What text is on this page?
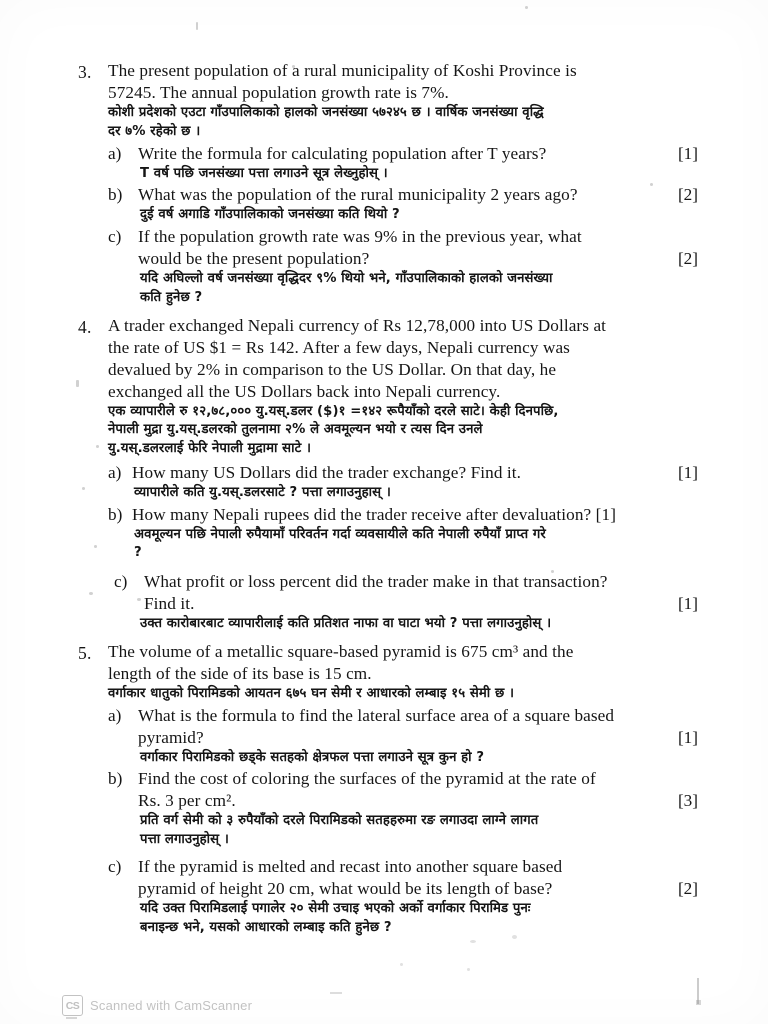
3. The present population of a rural municipality of Koshi Province is
57245. The annual population growth rate is 7%.
कोशी प्रदेशको एउटा गाँउपालिकाको हालको जनसंख्या ५७२४५ छ । वार्षिक जनसंख्या वृद्धि
दर ७% रहेको छ ।
a) Write the formula for calculating population after T years?	[1]
T वर्ष पछि जनसंख्या पत्ता लगाउने सूत्र लेख्नुहोस् ।
b) What was the population of the rural municipality 2 years ago?	[2]
दुई वर्ष अगाडि गाँउपालिकाको जनसंख्या कति थियो ?
c) If the population growth rate was 9% in the previous year, what
would be the present population?	[2]
यदि अघिल्लो वर्ष जनसंख्या वृद्धिदर ९% थियो भने, गाँउपालिकाको हालको जनसंख्या
कति हुनेछ ?
4. A trader exchanged Nepali currency of Rs 12,78,000 into US Dollars at
the rate of US $1 = Rs 142. After a few days, Nepali currency was
devalued by 2% in comparison to the US Dollar. On that day, he
exchanged all the US Dollars back into Nepali currency.
एक व्यापारीले रु १२,७८,००० यु.यस्.डलर ($)१ =१४२ रूपैयाँको दरले साटे। केही दिनपछि,
नेपाली मुद्रा यु.यस्.डलरको तुलनामा २% ले अवमूल्यन भयो र त्यस दिन उनले
यु.यस्.डलरलाई फेरि नेपाली मुद्रामा साटे ।
a) How many US Dollars did the trader exchange? Find it.	[1]
व्यापारीले कति यु.यस्.डलरसाटे ? पत्ता लगाउनुहास् ।
b) How many Nepali rupees did the trader receive after devaluation? [1]
अवमूल्यन पछि नेपाली रुपैयामाँ परिवर्तन गर्दा व्यवसायीले कति नेपाली रुपैयाँ प्राप्त गरे
?
c) What profit or loss percent did the trader make in that transaction?
Find it.	[1]
उक्त कारोबारबाट व्यापारीलाई कति प्रतिशत नाफा वा घाटा भयो ? पत्ता लगाउनुहोस् ।
5. The volume of a metallic square-based pyramid is 675 cm³ and the
length of the side of its base is 15 cm.
वर्गाकार धातुको पिरामिडको आयतन ६७५ घन सेमी र आधारको लम्बाइ १५ सेमी छ ।
a) What is the formula to find the lateral surface area of a square based
pyramid?	[1]
वर्गाकार पिरामिडको छड्के सतहको क्षेत्रफल पत्ता लगाउने सूत्र कुन हो ?
b) Find the cost of coloring the surfaces of the pyramid at the rate of
Rs. 3 per cm².	[3]
प्रति वर्ग सेमी को ३ रुपैयाँको दरले पिरामिडको सतहहरुमा रङ लगाउदा लाग्ने लागत
पत्ता लगाउनुहोस् ।
c) If the pyramid is melted and recast into another square based
pyramid of height 20 cm, what would be its length of base?	[2]
यदि उक्त पिरामिडलाई पगालेर २० सेमी उचाइ भएको अर्को वर्गाकार पिरामिड पुनः
बनाइन्छ भने, यसको आधारको लम्बाइ कति हुनेछ ?
CS Scanned with CamScanner
